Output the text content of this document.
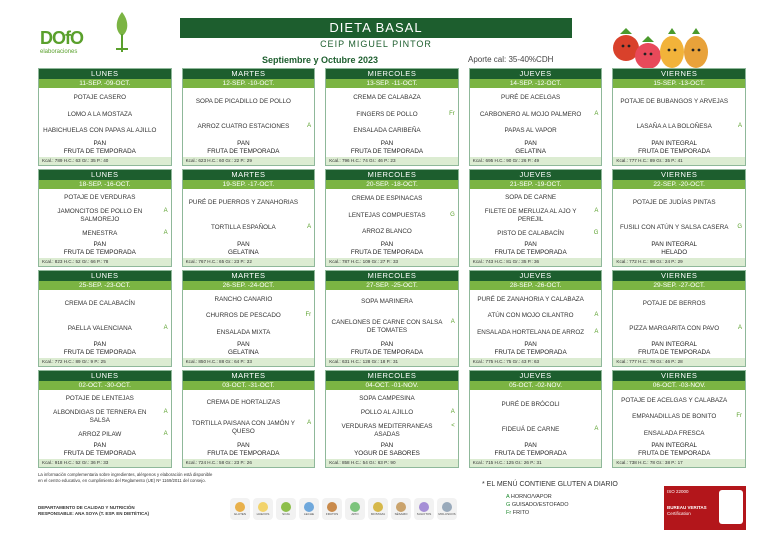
DOfO
elaboraciones
DIETA BASAL
CEIP MIGUEL PINTOR
Septiembre y Octubre 2023	Aporte cal: 35-40%CDH
LUNES
11-SEP. -09-OCT.
POTAJE CASERO
LOMO A LA MOSTAZA
HABICHUELAS CON PAPAS AL AJILLO
PAN
FRUTA DE TEMPORADA
Kcal.: 789 H.C.: 63 Gr.: 35 P.: 40
MARTES
12-SEP. -10-OCT.
SOPA DE PICADILLO DE POLLO
ARROZ CUATRO ESTACIONES	A
PAN
FRUTA DE TEMPORADA
Kcal.: 623 H.C.: 60 Gr.: 22 P.: 29
MIERCOLES
13-SEP. -11-OCT.
CREMA DE CALABAZA
FINGERS DE POLLO	Fr
ENSALADA CARIBEÑA
PAN
FRUTA DE TEMPORADA
Kcal.: 796 H.C.: 74 Gr.: 46 P.: 23
JUEVES
14-SEP. -12-OCT.
PURÉ DE ACELGAS
CARBONERO AL MOJO PALMERO	A
PAPAS AL VAPOR
PAN
GELATINA
Kcal.: 695 H.C.: 90 Gr.: 26 P.: 49
VIERNES
15-SEP. -13-OCT.
POTAJE DE BUBANGOS Y ARVEJAS
LASAÑA A LA BOLOÑESA	A
PAN INTEGRAL
FRUTA DE TEMPORADA
Kcal.: 777 H.C.: 89 Gr.: 35 P.: 41
LUNES
18-SEP. -16-OCT.
POTAJE DE VERDURAS
JAMONCITOS DE POLLO EN SALMOREJO
A
MENESTRA	A
PAN
FRUTA DE TEMPORADA
Kcal.: 823 H.C.: 52 Gr.: 66 P.: 78
MARTES
19-SEP. -17-OCT.
PURÉ DE PUERROS Y ZANAHORIAS
TORTILLA ESPAÑOLA	A
PAN
GELATINA
Kcal.: 767 H.C.: 65 Gr.: 23 P.: 22
MIERCOLES
20-SEP. -18-OCT.
CREMA DE ESPINACAS
LENTEJAS COMPUESTAS	G
ARROZ BLANCO
PAN
FRUTA DE TEMPORADA
Kcal.: 787 H.C.: 109 Gr.: 27 P.: 33
JUEVES
21-SEP. -19-OCT.
SOPA DE CARNE
FILETE DE MERLUZA AL AJO Y PEREJIL
A
PISTO DE CALABACÍN	G
PAN
FRUTA DE TEMPORADA
Kcal.: 743 H.C.: 81 Gr.: 35 P.: 36
VIERNES
22-SEP. -20-OCT.
POTAJE DE JUDÍAS PINTAS
FUSILI CON ATÚN Y SALSA CASERA	G
PAN INTEGRAL
HELADO
Kcal.: 772 H.C.: 98 Gr.: 24 P.: 29
LUNES
25-SEP. -23-OCT.
CREMA DE CALABACÍN
PAELLA VALENCIANA	A
PAN
FRUTA DE TEMPORADA
Kcal.: 772 H.C.: 89 Gr.: 9 P.: 25
MARTES
26-SEP. -24-OCT.
RANCHO CANARIO
CHURROS DE PESCADO	Fr
ENSALADA MIXTA
PAN
GELATINA
Kcal.: 850 H.C.: 88 Gr.: 64 P.: 33
MIERCOLES
27-SEP. -25-OCT.
SOPA MARINERA
CANELONES DE CARNE CON SALSA DE TOMATES
A
PAN
FRUTA DE TEMPORADA
Kcal.: 631 H.C.: 128 Gr.: 18 P.: 31
JUEVES
28-SEP. -26-OCT.
PURÉ DE ZANAHORIA Y CALABAZA
ATÚN CON MOJO CILANTRO	A
ENSALADA HORTELANA DE ARROZ	A
PAN
FRUTA DE TEMPORADA
Kcal.: 775 H.C.: 75 Gr.: 43 P.: 63
VIERNES
29-SEP. -27-OCT.
POTAJE DE BERROS
PIZZA MARGARITA CON PAVO	A
PAN INTEGRAL
FRUTA DE TEMPORADA
Kcal.: 777 H.C.: 78 Gr.: 46 P.: 28
LUNES
02-OCT. -30-OCT.
POTAJE DE LENTEJAS
ALBONDIGAS DE TERNERA EN SALSA
A
ARROZ PILAW	A
PAN
FRUTA DE TEMPORADA
Kcal.: 918 H.C.: 52 Gr.: 36 P.: 33
MARTES
03-OCT. -31-OCT.
CREMA DE HORTALIZAS
TORTILLA PAISANA CON JAMÓN Y QUESO
A
PAN
FRUTA DE TEMPORADA
Kcal.: 724 H.C.: 58 Gr.: 23 P.: 26
MIERCOLES
04-OCT. -01-NOV.
SOPA CAMPESINA
POLLO AL AJILLO	A
VERDURAS MEDITERRANEAS ASADAS
<
PAN
YOGUR DE SABORES
Kcal.: 858 H.C.: 54 Gr.: 63 P.: 90
JUEVES
05-OCT. -02-NOV.
PURÉ DE BRÓCOLI
FIDEUÁ DE CARNE	A
PAN
FRUTA DE TEMPORADA
Kcal.: 715 H.C.: 125 Gr.: 26 P.: 31
VIERNES
06-OCT. -03-NOV.
POTAJE DE ACELGAS Y CALABAZA
EMPANADILLAS DE BONITO	Fr
ENSALADA FRESCA
PAN INTEGRAL
FRUTA DE TEMPORADA
Kcal.: 738 H.C.: 78 Gr.: 38 P.: 17
La información complementaria sobre ingredientes, alérgenos y elaboración está disponible en el centro educativo, en cumplimiento del Reglamento (UE) Nº 1169/2011 del consejo.
DEPARTAMENTO DE CALIDAD Y NUTRICIÓN
RESPONSABLE: ANA SOYA (T. ESP. EN DIETÉTICA)	GLUTEN	HUEVOS	SOJA	LECHE	FRUTOS	APIO	MOSTAZA	SÉSAMO	SULFITOS MOLUSCOS
* EL MENÚ CONTIENE GLUTEN A DIARIO
A HORNO/VAPOR
G GUISADO/ESTOFADO
Fr FRITO
ISO 22000
BUREAU VERITAS
Certification
